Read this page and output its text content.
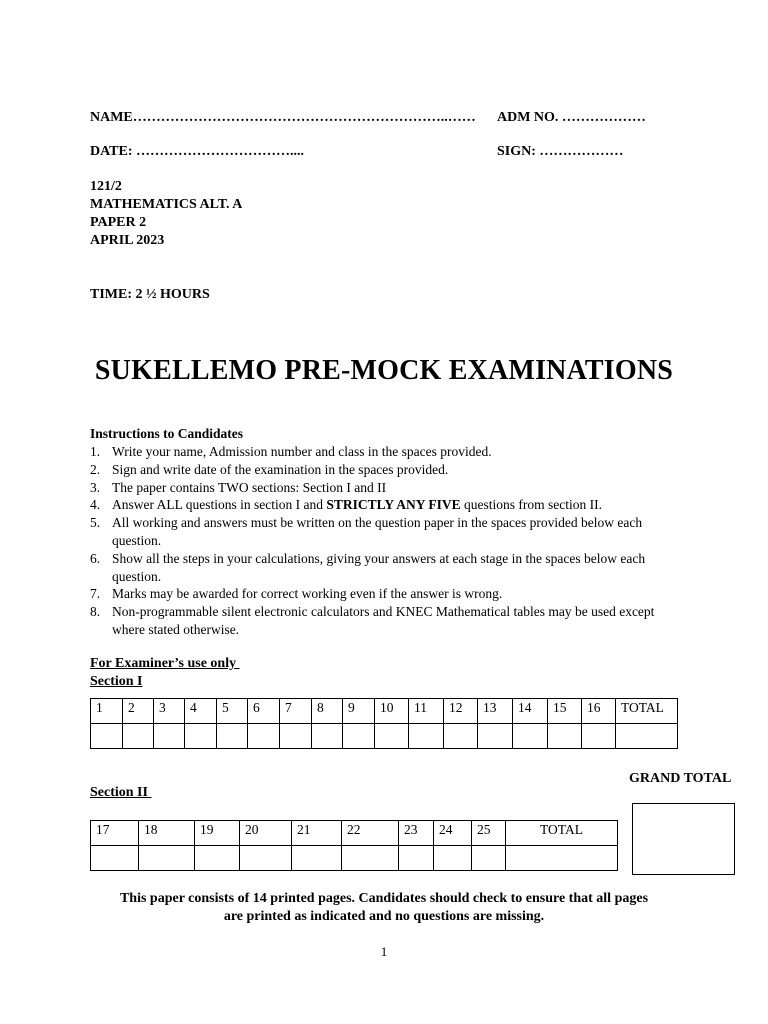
NAME…………………………………………………………..…… ADM NO. ………………
DATE: ……………………………....	SIGN: ………………
121/2
MATHEMATICS ALT. A
PAPER 2
APRIL 2023
TIME: 2 ½ HOURS
SUKELLEMO PRE-MOCK EXAMINATIONS
Instructions to Candidates
1. Write your name, Admission number and class in the spaces provided.
2. Sign and write date of the examination in the spaces provided.
3. The paper contains TWO sections: Section I and II
4. Answer ALL questions in section I and STRICTLY ANY FIVE questions from section II.
5. All working and answers must be written on the question paper in the spaces provided below each
question.
6. Show all the steps in your calculations, giving your answers at each stage in the spaces below each
question.
7. Marks may be awarded for correct working even if the answer is wrong.
8. Non-programmable silent electronic calculators and KNEC Mathematical tables may be used except
where stated otherwise.
For Examiner’s use only
Section I
1	2	3	4	5	6	7	8	9	10	11	12	13	14	15	16	TOTAL

GRAND TOTAL
Section II
17	18	19	20	21	22	23	24	25	TOTAL

This paper consists of 14 printed pages. Candidates should check to ensure that all pages
are printed as indicated and no questions are missing.
1
